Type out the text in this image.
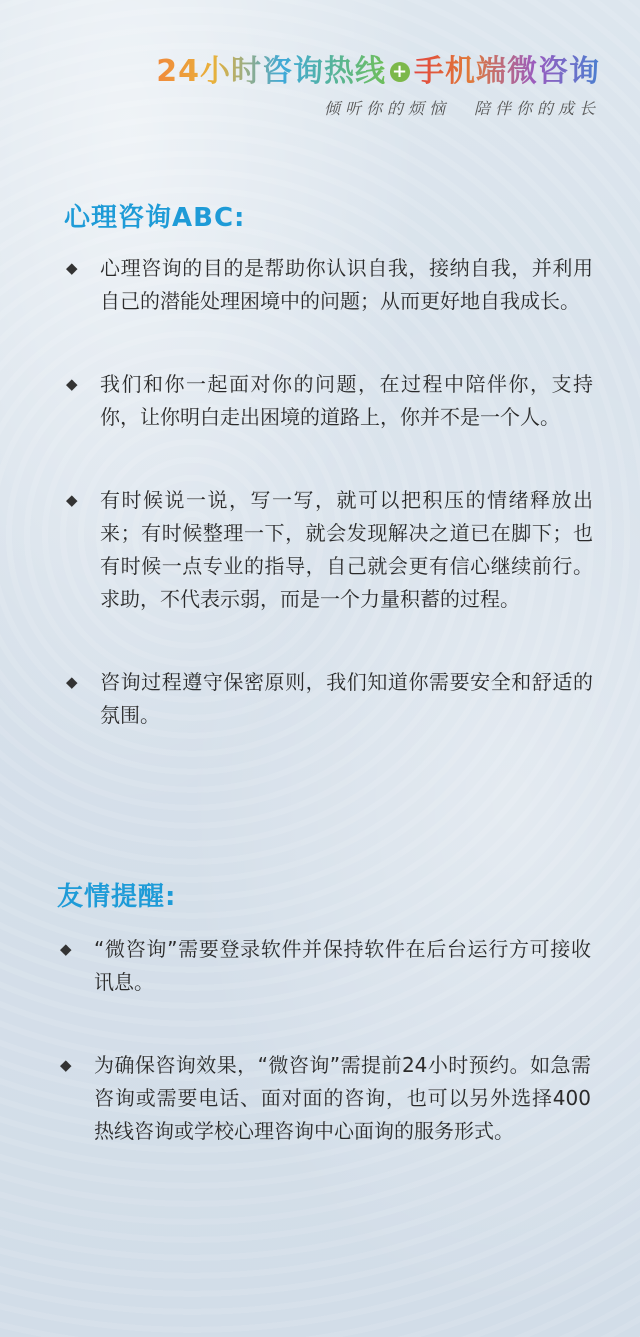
24小时咨询热线 + 手机端微咨询
倾听你的烦恼 陪伴你的成长
心理咨询ABC:
◆ 心理咨询的目的是帮助你认识自我，接纳自我，并利用自己的潜能处理困境中的问题；从而更好地自我成长。
◆ 我们和你一起面对你的问题，在过程中陪伴你，支持你，让你明白走出困境的道路上，你并不是一个人。
◆ 有时候说一说，写一写，就可以把积压的情绪释放出来；有时候整理一下，就会发现解决之道已在脚下；也有时候一点专业的指导，自己就会更有信心继续前行。求助，不代表示弱，而是一个力量积蓄的过程。
◆ 咨询过程遵守保密原则，我们知道你需要安全和舒适的氛围。
友情提醒:
◆ “微咨询”需要登录软件并保持软件在后台运行方可接收讯息。
◆ 为确保咨询效果，“微咨询”需提前24小时预约。如急需咨询或需要电话、面对面的咨询，也可以另外选择400热线咨询或学校心理咨询中心面询的服务形式。
